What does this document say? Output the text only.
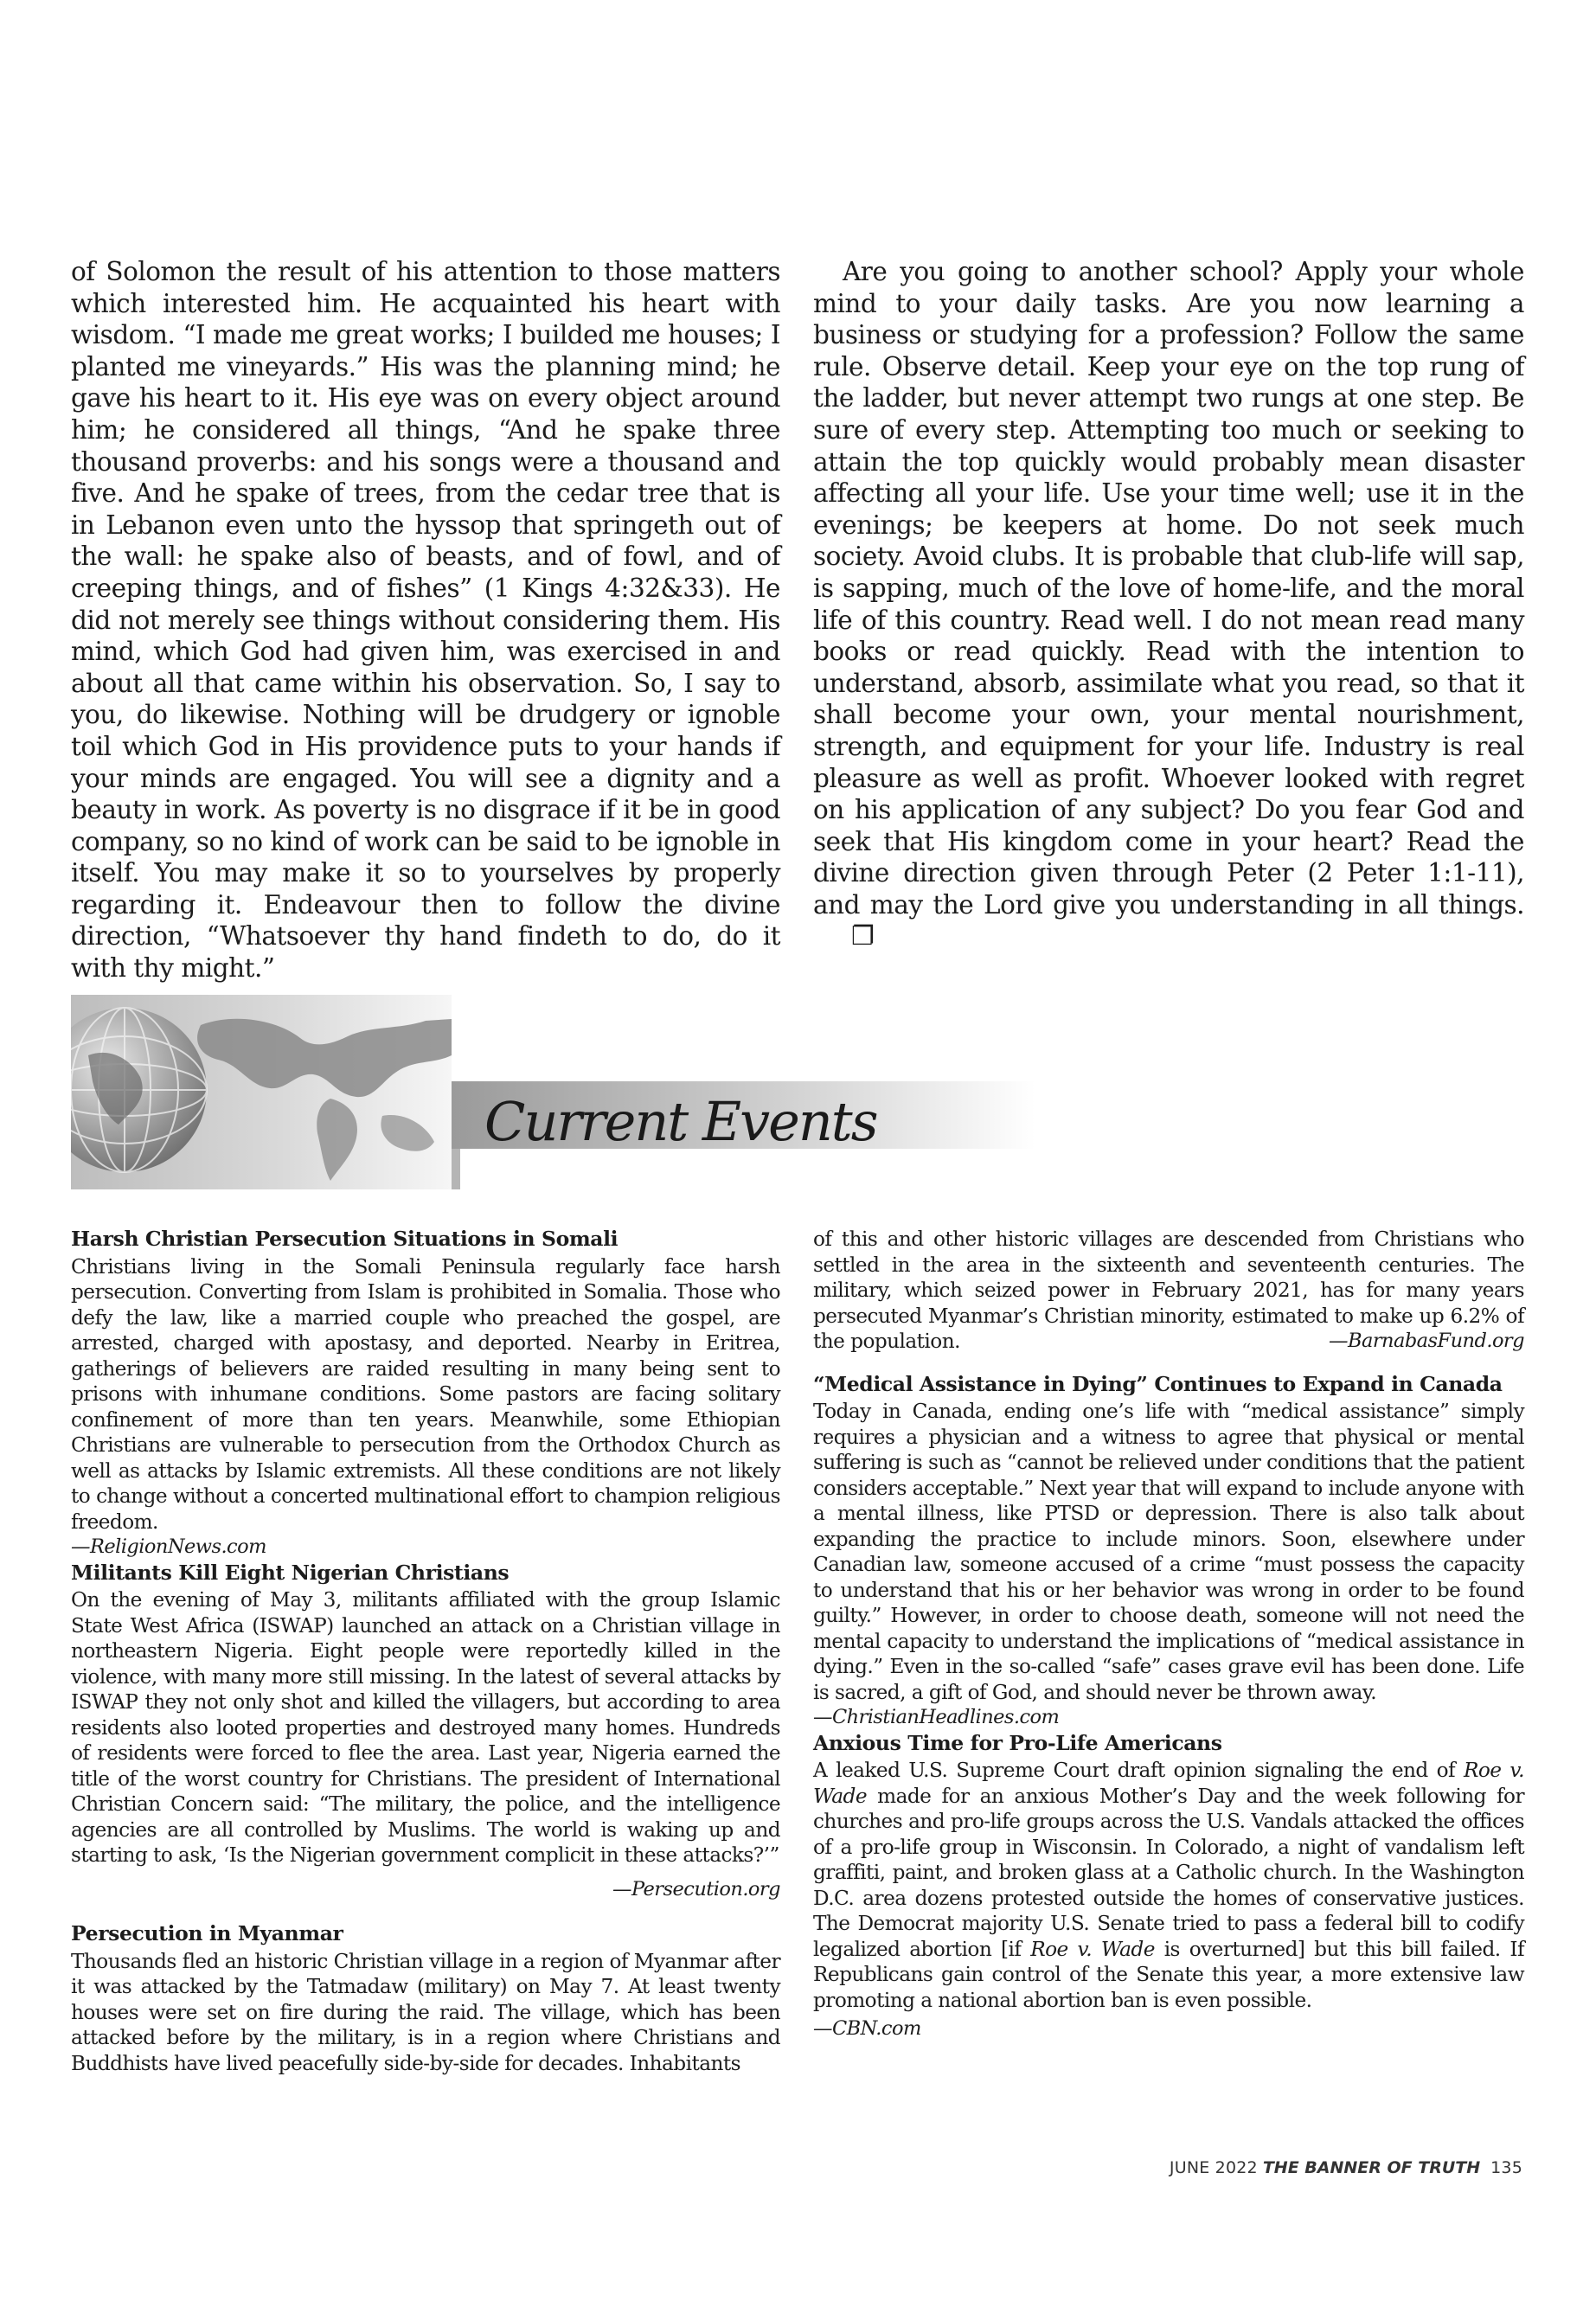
of Solomon the result of his attention to those matters which interested him. He acquainted his heart with wisdom. “I made me great works; I builded me houses; I planted me vineyards.” His was the planning mind; he gave his heart to it. His eye was on every object around him; he considered all things, “And he spake three thousand proverbs: and his songs were a thousand and five. And he spake of trees, from the cedar tree that is in Lebanon even unto the hyssop that springeth out of the wall: he spake also of beasts, and of fowl, and of creeping things, and of fishes” (1 Kings 4:32&33). He did not merely see things without considering them. His mind, which God had given him, was exercised in and about all that came within his observation. So, I say to you, do likewise. Nothing will be drudgery or ignoble toil which God in His providence puts to your hands if your minds are engaged. You will see a dignity and a beauty in work. As poverty is no disgrace if it be in good company, so no kind of work can be said to be ignoble in itself. You may make it so to yourselves by properly regarding it. Endeavour then to follow the divine direction, “Whatsoever thy hand findeth to do, do it with thy might.”

Are you going to another school? Apply your whole mind to your daily tasks. Are you now learning a business or studying for a profession? Follow the same rule. Observe detail. Keep your eye on the top rung of the ladder, but never attempt two rungs at one step. Be sure of every step. Attempting too much or seeking to attain the top quickly would probably mean disaster affecting all your life. Use your time well; use it in the evenings; be keepers at home. Do not seek much society. Avoid clubs. It is probable that club-life will sap, is sapping, much of the love of home-life, and the moral life of this country. Read well. I do not mean read many books or read quickly. Read with the intention to understand, absorb, assimilate what you read, so that it shall become your own, your mental nourishment, strength, and equipment for your life. Industry is real pleasure as well as profit. Whoever looked with regret on his application of any subject? Do you fear God and seek that His kingdom come in your heart? Read the divine direction given through Peter (2 Peter 1:1-11), and may the Lord give you understanding in all things.❐

Current Events
Harsh Christian Persecution Situations in Somali

Christians living in the Somali Peninsula regularly face harsh persecution. Converting from Islam is prohibited in Somalia. Those who defy the law, like a married couple who preached the gospel, are arrested, charged with apostasy, and deported. Nearby in Eritrea, gatherings of believers are raided resulting in many being sent to prisons with inhumane conditions. Some pastors are facing solitary confinement of more than ten years. Meanwhile, some Ethiopian Christians are vulnerable to persecution from the Orthodox Church as well as attacks by Islamic extremists. All these conditions are not likely to change without a concerted multinational effort to champion religious freedom.

—ReligionNews.com

Militants Kill Eight Nigerian Christians

On the evening of May 3, militants affiliated with the group Islamic State West Africa (ISWAP) launched an attack on a Christian village in northeastern Nigeria. Eight people were reportedly killed in the violence, with many more still missing. In the latest of several attacks by ISWAP they not only shot and killed the villagers, but according to area residents also looted properties and destroyed many homes. Hundreds of residents were forced to flee the area. Last year, Nigeria earned the title of the worst country for Christians. The president of International Christian Concern said: “The military, the police, and the intelligence agencies are all controlled by Muslims. The world is waking up and starting to ask, ‘Is the Nigerian government complicit in these attacks?’”
—Persecution.org

Persecution in Myanmar

Thousands fled an historic Christian village in a region of Myanmar after it was attacked by the Tatmadaw (military) on May 7. At least twenty houses were set on fire during the raid. The village, which has been attacked before by the military, is in a region where Christians and Buddhists have lived peacefully side-by-side for decades. Inhabitants

of this and other historic villages are descended from Christians who settled in the area in the sixteenth and seventeenth centuries. The military, which seized power in February 2021, has for many years persecuted Myanmar’s Christian minority, estimated to make up 6.2% of the population.	—BarnabasFund.org

“Medical Assistance in Dying” Continues to Expand in Canada

Today in Canada, ending one’s life with “medical assistance” simply requires a physician and a witness to agree that physical or mental suffering is such as “cannot be relieved under conditions that the patient considers acceptable.” Next year that will expand to include anyone with a mental illness, like PTSD or depression. There is also talk about expanding the practice to include minors. Soon, elsewhere under Canadian law, someone accused of a crime “must possess the capacity to understand that his or her behavior was wrong in order to be found guilty.” However, in order to choose death, someone will not need the mental capacity to understand the implications of “medical assistance in dying.” Even in the so-called “safe” cases grave evil has been done. Life is sacred, a gift of God, and should never be thrown away.

—ChristianHeadlines.com

Anxious Time for Pro-Life Americans

A leaked U.S. Supreme Court draft opinion signaling the end of Roe v. Wade made for an anxious Mother’s Day and the week following for churches and pro-life groups across the U.S. Vandals attacked the offices of a pro-life group in Wisconsin. In Colorado, a night of vandalism left graffiti, paint, and broken glass at a Catholic church. In the Washington D.C. area dozens protested outside the homes of conservative justices. The Democrat majority U.S. Senate tried to pass a federal bill to codify legalized abortion [if Roe v. Wade is overturned] but this bill failed. If Republicans gain control of the Senate this year, a more extensive law promoting a national abortion ban is even possible.

—CBN.com

JUNE 2022 THE BANNER OF TRUTH 135
